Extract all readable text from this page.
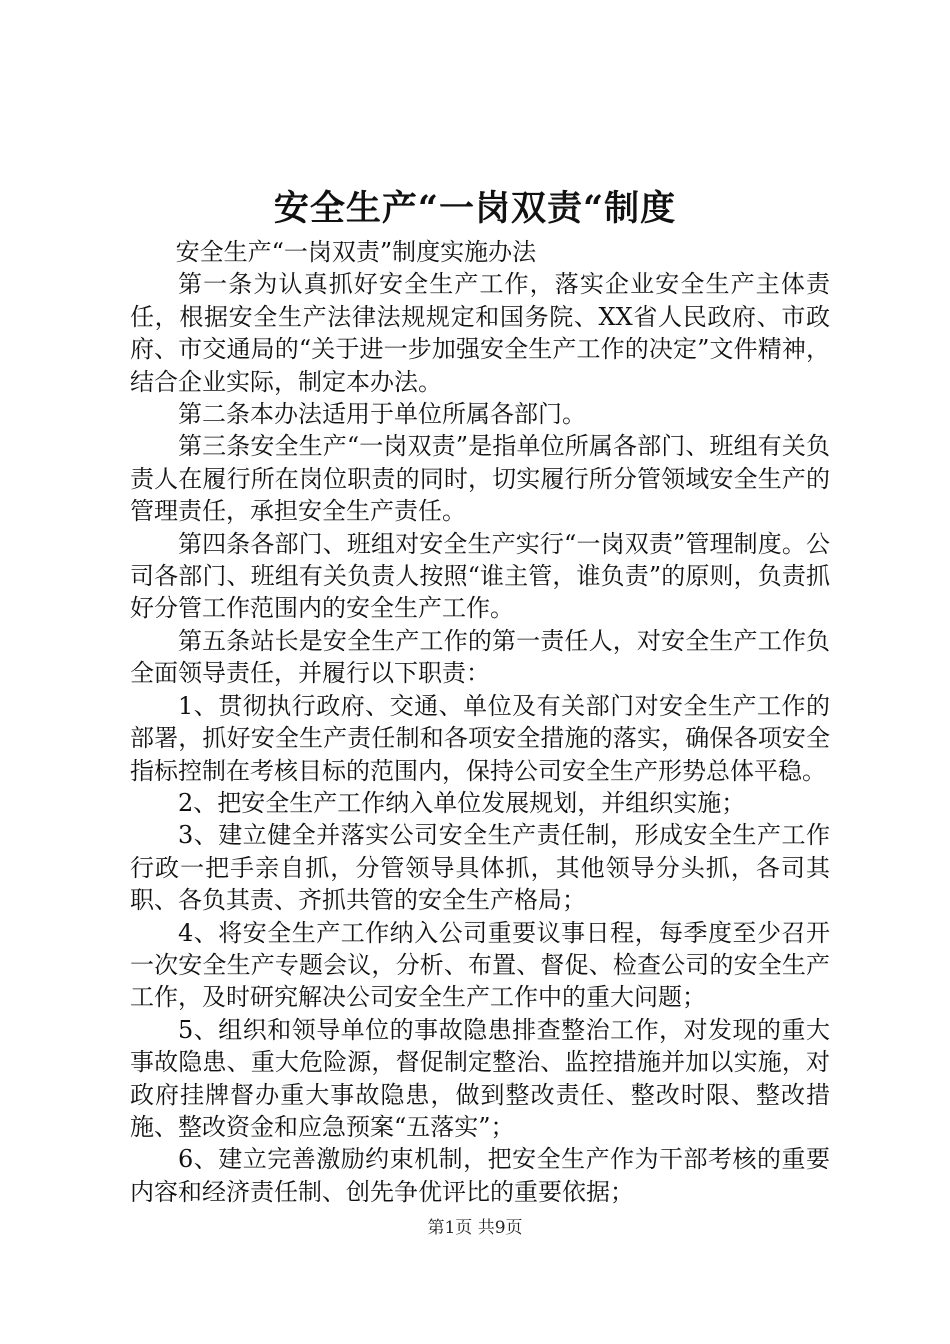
安全生产“一岗双责“制度

安全生产“一岗双责”制度实施办法

第一条为认真抓好安全生产工作，落实企业安全生产主体责任，根据安全生产法律法规规定和国务院、XX省人民政府、市政府、市交通局的“关于进一步加强安全生产工作的决定”文件精神，结合企业实际，制定本办法。

第二条本办法适用于单位所属各部门。

第三条安全生产“一岗双责”是指单位所属各部门、班组有关负责人在履行所在岗位职责的同时，切实履行所分管领域安全生产的管理责任，承担安全生产责任。

第四条各部门、班组对安全生产实行“一岗双责”管理制度。公司各部门、班组有关负责人按照“谁主管，谁负责”的原则，负责抓好分管工作范围内的安全生产工作。

第五条站长是安全生产工作的第一责任人，对安全生产工作负全面领导责任，并履行以下职责：

1、贯彻执行政府、交通、单位及有关部门对安全生产工作的部署，抓好安全生产责任制和各项安全措施的落实，确保各项安全指标控制在考核目标的范围内，保持公司安全生产形势总体平稳。

2、把安全生产工作纳入单位发展规划，并组织实施；

3、建立健全并落实公司安全生产责任制，形成安全生产工作行政一把手亲自抓，分管领导具体抓，其他领导分头抓，各司其职、各负其责、齐抓共管的安全生产格局；

4、将安全生产工作纳入公司重要议事日程，每季度至少召开一次安全生产专题会议，分析、布置、督促、检查公司的安全生产工作，及时研究解决公司安全生产工作中的重大问题；

5、组织和领导单位的事故隐患排查整治工作，对发现的重大事故隐患、重大危险源，督促制定整治、监控措施并加以实施，对政府挂牌督办重大事故隐患，做到整改责任、整改时限、整改措施、整改资金和应急预案“五落实”；

6、建立完善激励约束机制，把安全生产作为干部考核的重要内容和经济责任制、创先争优评比的重要依据；

第1页 共9页
